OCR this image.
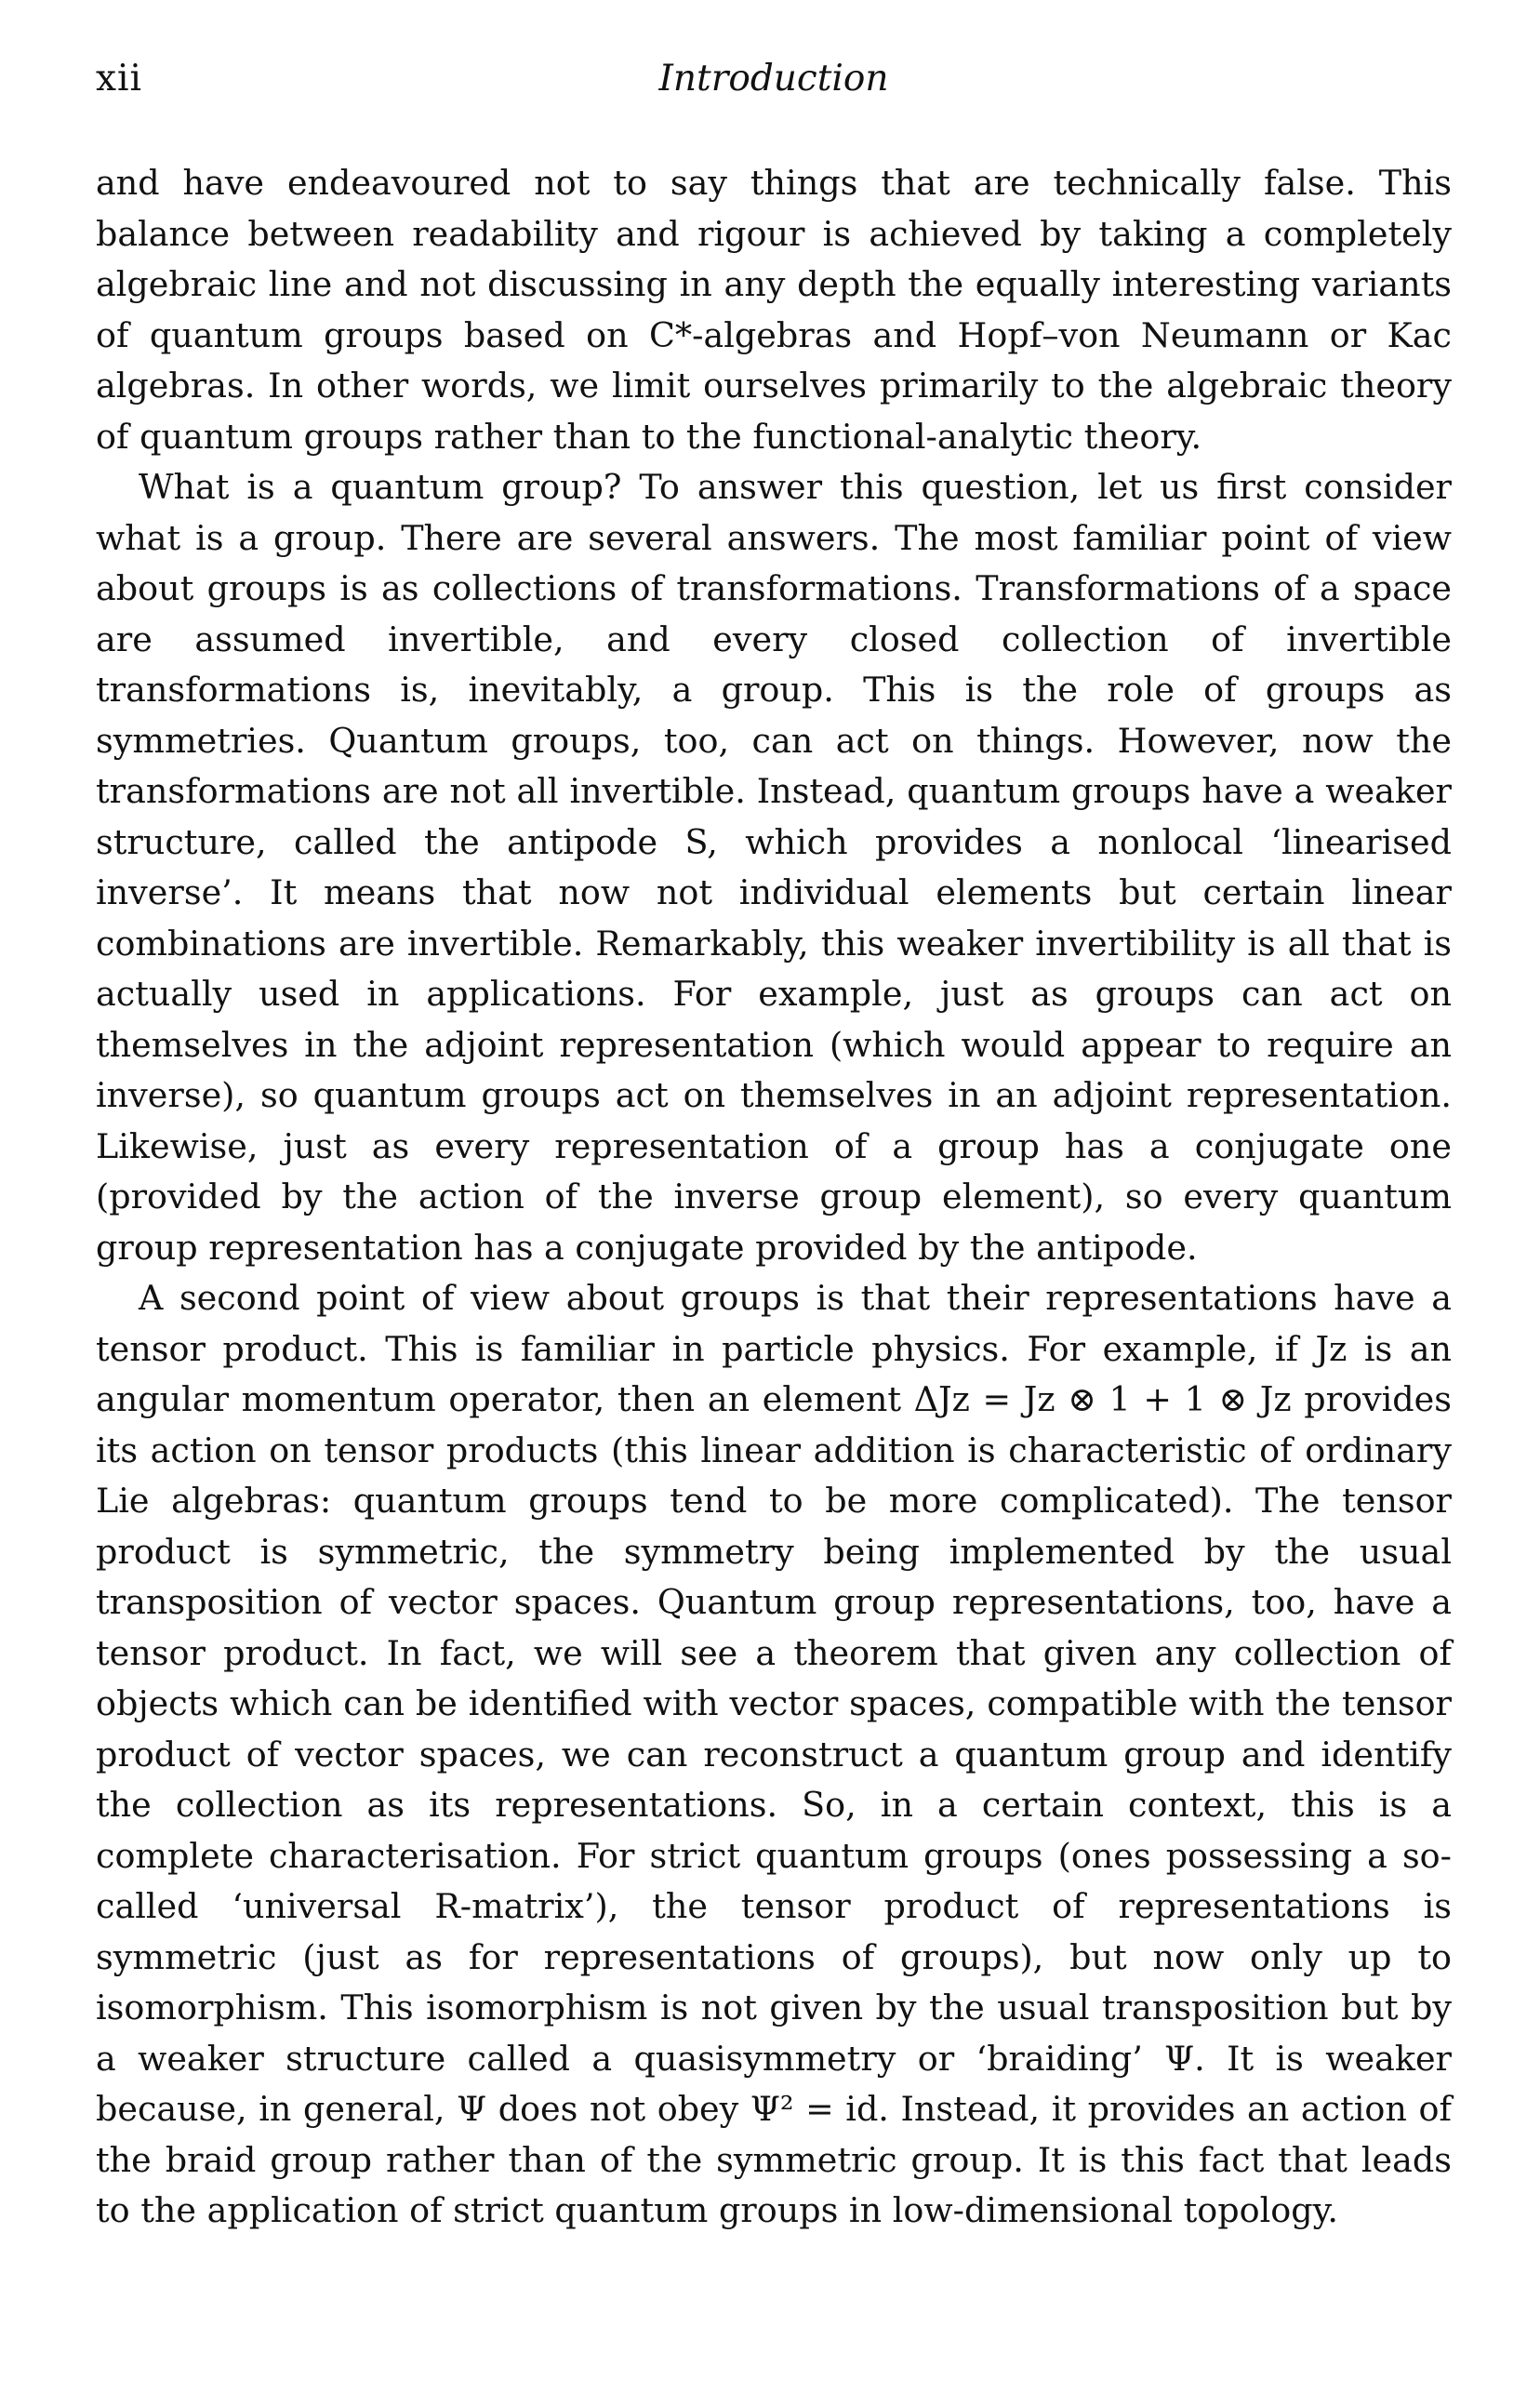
xii	Introduction

and have endeavoured not to say things that are technically false. This balance between readability and rigour is achieved by taking a completely algebraic line and not discussing in any depth the equally interesting variants of quantum groups based on C*-algebras and Hopf–von Neumann or Kac algebras. In other words, we limit ourselves primarily to the algebraic theory of quantum groups rather than to the functional-analytic theory.

What is a quantum group? To answer this question, let us first consider what is a group. There are several answers. The most familiar point of view about groups is as collections of transformations. Transformations of a space are assumed invertible, and every closed collection of invertible transformations is, inevitably, a group. This is the role of groups as symmetries. Quantum groups, too, can act on things. However, now the transformations are not all invertible. Instead, quantum groups have a weaker structure, called the antipode S, which provides a nonlocal ‘linearised inverse’. It means that now not individual elements but certain linear combinations are invertible. Remarkably, this weaker invertibility is all that is actually used in applications. For example, just as groups can act on themselves in the adjoint representation (which would appear to require an inverse), so quantum groups act on themselves in an adjoint representation. Likewise, just as every representation of a group has a conjugate one (provided by the action of the inverse group element), so every quantum group representation has a conjugate provided by the antipode.

A second point of view about groups is that their representations have a tensor product. This is familiar in particle physics. For example, if Jz is an angular momentum operator, then an element ΔJz = Jz ⊗ 1 + 1 ⊗ Jz provides its action on tensor products (this linear addition is characteristic of ordinary Lie algebras: quantum groups tend to be more complicated). The tensor product is symmetric, the symmetry being implemented by the usual transposition of vector spaces. Quantum group representations, too, have a tensor product. In fact, we will see a theorem that given any collection of objects which can be identified with vector spaces, compatible with the tensor product of vector spaces, we can reconstruct a quantum group and identify the collection as its representations. So, in a certain context, this is a complete characterisation. For strict quantum groups (ones possessing a so-called ‘universal R-matrix’), the tensor product of representations is symmetric (just as for representations of groups), but now only up to isomorphism. This isomorphism is not given by the usual transposition but by a weaker structure called a quasisymmetry or ‘braiding’ Ψ. It is weaker because, in general, Ψ does not obey Ψ² = id. Instead, it provides an action of the braid group rather than of the symmetric group. It is this fact that leads to the application of strict quantum groups in low-dimensional topology.
